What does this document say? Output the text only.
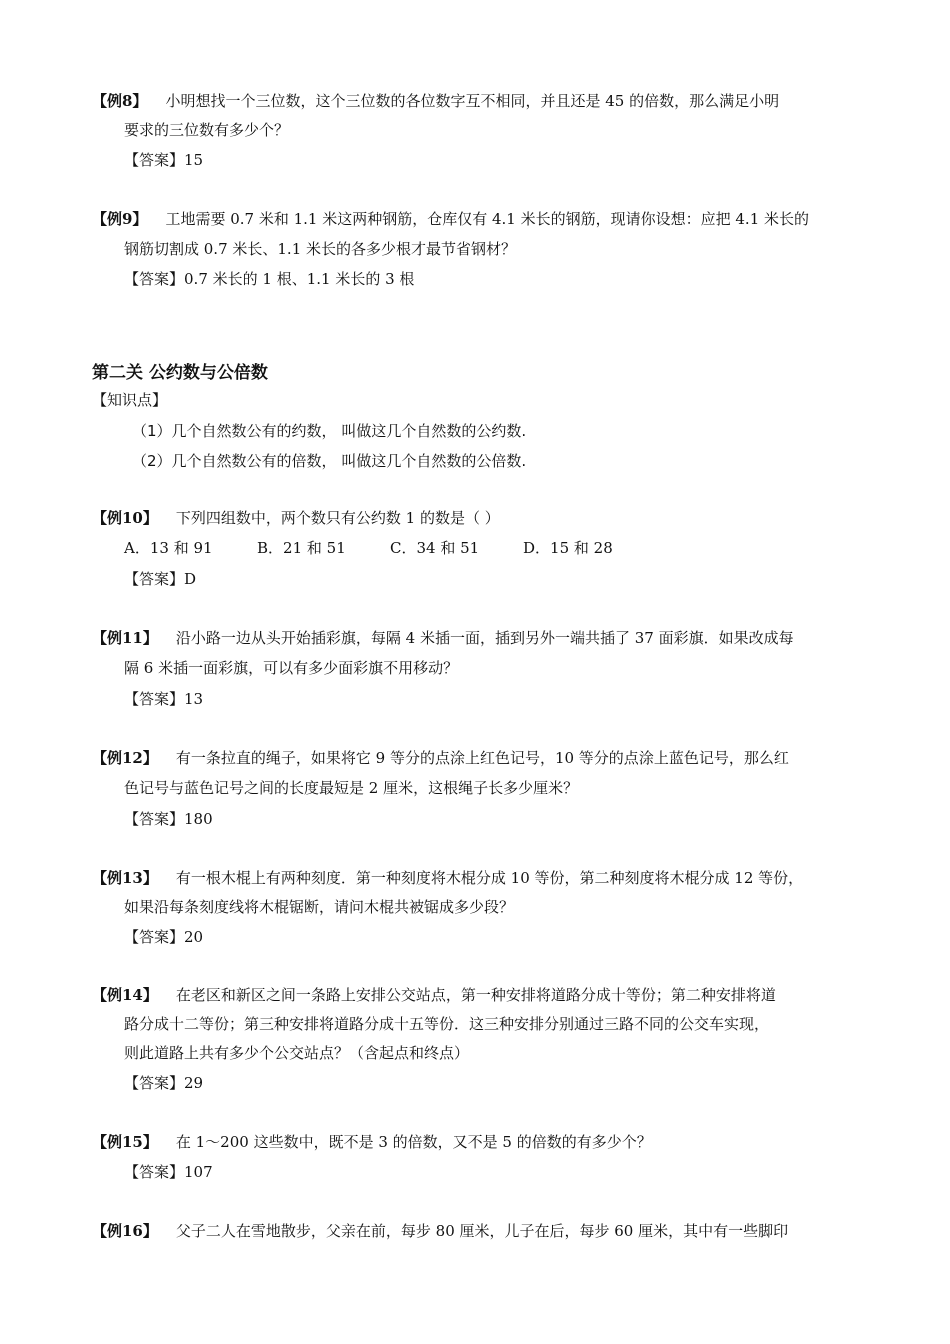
【例8】 小明想找一个三位数，这个三位数的各位数字互不相同，并且还是 45 的倍数，那么满足小明
要求的三位数有多少个？
【答案】15
【例9】 工地需要 0.7 米和 1.1 米这两种钢筋，仓库仅有 4.1 米长的钢筋，现请你设想：应把 4.1 米长的
钢筋切割成 0.7 米长、1.1 米长的各多少根才最节省钢材？
【答案】0.7 米长的 1 根、1.1 米长的 3 根
第二关 公约数与公倍数
【知识点】
（1）几个自然数公有的约数， 叫做这几个自然数的公约数.
（2）几个自然数公有的倍数， 叫做这几个自然数的公倍数.
【例10】 下列四组数中，两个数只有公约数 1 的数是（ ）
A．13 和 91	B．21 和 51	C．34 和 51	D．15 和 28
【答案】D
【例11】 沿小路一边从头开始插彩旗，每隔 4 米插一面，插到另外一端共插了 37 面彩旗．如果改成每
隔 6 米插一面彩旗，可以有多少面彩旗不用移动？
【答案】13
【例12】 有一条拉直的绳子，如果将它 9 等分的点涂上红色记号，10 等分的点涂上蓝色记号，那么红
色记号与蓝色记号之间的长度最短是 2 厘米，这根绳子长多少厘米？
【答案】180
【例13】 有一根木棍上有两种刻度．第一种刻度将木棍分成 10 等份，第二种刻度将木棍分成 12 等份，
如果沿每条刻度线将木棍锯断，请问木棍共被锯成多少段？
【答案】20
【例14】 在老区和新区之间一条路上安排公交站点，第一种安排将道路分成十等份；第二种安排将道
路分成十二等份；第三种安排将道路分成十五等份．这三种安排分别通过三路不同的公交车实现，
则此道路上共有多少个公交站点？（含起点和终点）
【答案】29
【例15】 在 1～200 这些数中，既不是 3 的倍数，又不是 5 的倍数的有多少个？
【答案】107
【例16】 父子二人在雪地散步，父亲在前，每步 80 厘米，儿子在后，每步 60 厘米，其中有一些脚印
